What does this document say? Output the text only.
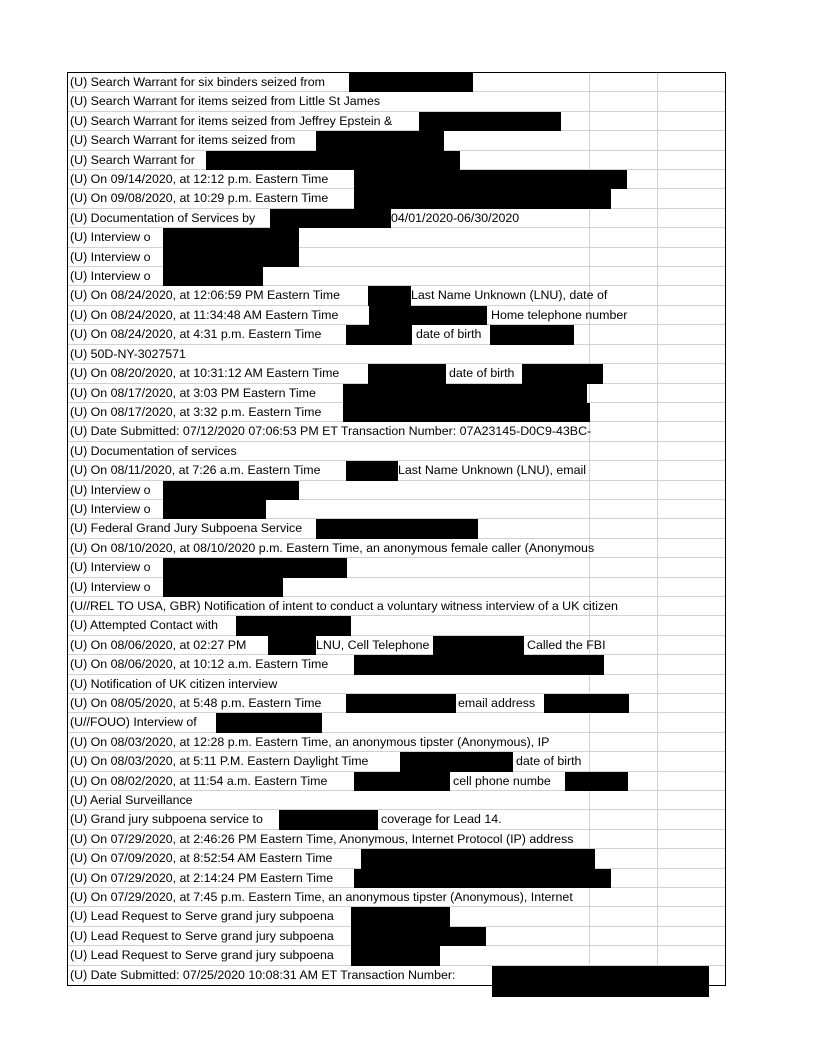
(U) Search Warrant for six binders seized from
(U) Search Warrant for items seized from Little St James
(U) Search Warrant for items seized from Jeffrey Epstein &
(U) Search Warrant for items seized from
(U) Search Warrant for
(U) On 09/14/2020, at 12:12 p.m. Eastern Time
(U) On 09/08/2020, at 10:29 p.m. Eastern Time
(U) Documentation of Services by	04/01/2020-06/30/2020
(U) Interview o
(U) Interview o
(U) Interview o
(U) On 08/24/2020, at 12:06:59 PM Eastern Time	Last Name Unknown (LNU), date of
(U) On 08/24/2020, at 11:34:48 AM Eastern Time	Home telephone number
(U) On 08/24/2020, at 4:31 p.m. Eastern Time	date of birth
(U) 50D-NY-3027571
(U) On 08/20/2020, at 10:31:12 AM Eastern Time	date of birth
(U) On 08/17/2020, at 3:03 PM Eastern Time
(U) On 08/17/2020, at 3:32 p.m. Eastern Time
(U) Date Submitted: 07/12/2020 07:06:53 PM ET Transaction Number: 07A23145-D0C9-43BC-
(U) Documentation of services
(U) On 08/11/2020, at 7:26 a.m. Eastern Time	Last Name Unknown (LNU), email
(U) Interview o
(U) Interview o
(U) Federal Grand Jury Subpoena Service
(U) On 08/10/2020, at 08/10/2020 p.m. Eastern Time, an anonymous female caller (Anonymous
(U) Interview o
(U) Interview o
(U//REL TO USA, GBR) Notification of intent to conduct a voluntary witness interview of a UK citizen
(U) Attempted Contact with
(U) On 08/06/2020, at 02:27 PM	LNU, Cell Telephone	Called the FBI
(U) On 08/06/2020, at 10:12 a.m. Eastern Time
(U) Notification of UK citizen interview
(U) On 08/05/2020, at 5:48 p.m. Eastern Time	email address
(U//FOUO) Interview of
(U) On 08/03/2020, at 12:28 p.m. Eastern Time, an anonymous tipster (Anonymous), IP
(U) On 08/03/2020, at 5:11 P.M. Eastern Daylight Time	date of birth
(U) On 08/02/2020, at 11:54 a.m. Eastern Time	cell phone numbe
(U) Aerial Surveillance
(U) Grand jury subpoena service to	coverage for Lead 14.
(U) On 07/29/2020, at 2:46:26 PM Eastern Time, Anonymous, Internet Protocol (IP) address
(U) On 07/09/2020, at 8:52:54 AM Eastern Time
(U) On 07/29/2020, at 2:14:24 PM Eastern Time
(U) On 07/29/2020, at 7:45 p.m. Eastern Time, an anonymous tipster (Anonymous), Internet
(U) Lead Request to Serve grand jury subpoena
(U) Lead Request to Serve grand jury subpoena
(U) Lead Request to Serve grand jury subpoena
(U) Date Submitted: 07/25/2020 10:08:31 AM ET Transaction Number:
